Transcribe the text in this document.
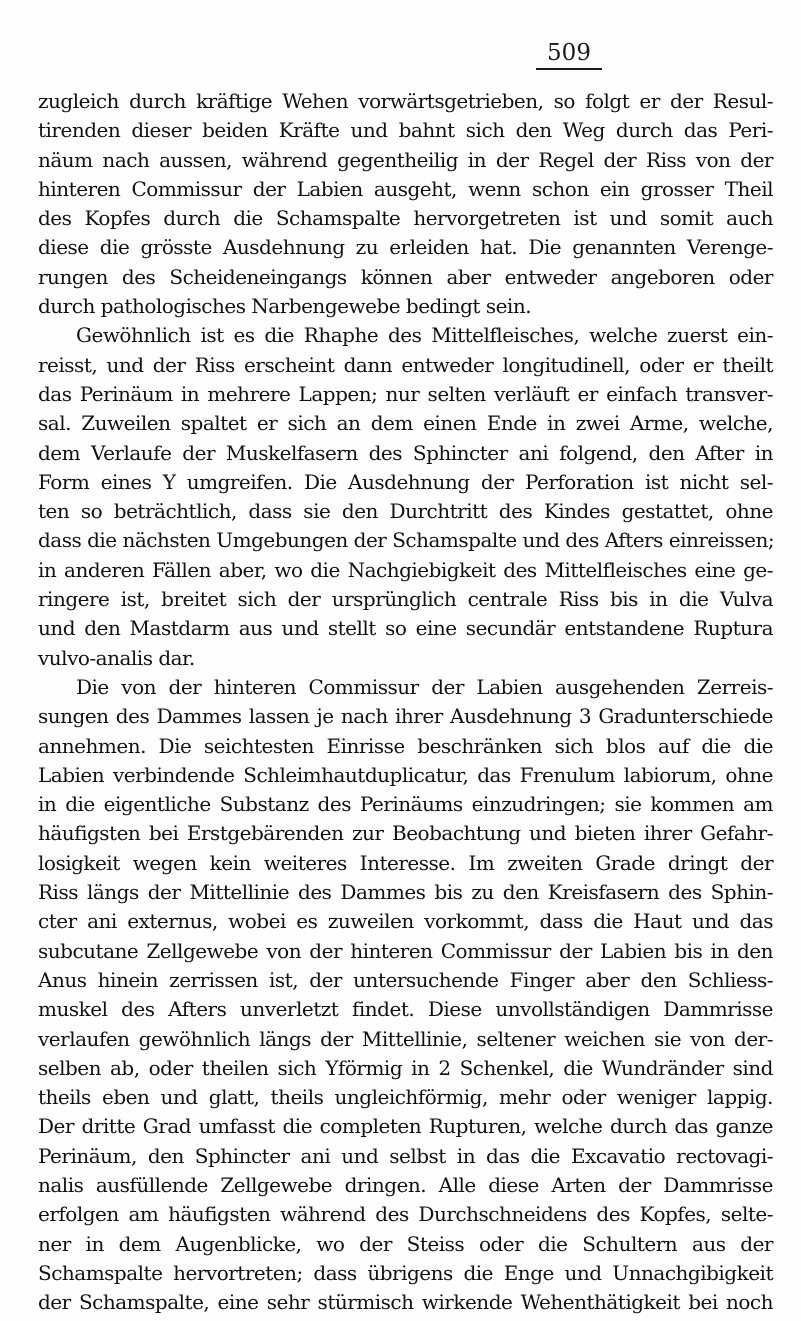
509
zugleich durch kräftige Wehen vorwärtsgetrieben, so folgt er der Resul-
tirenden dieser beiden Kräfte und bahnt sich den Weg durch das Peri-
näum nach aussen, während gegentheilig in der Regel der Riss von der
hinteren Commissur der Labien ausgeht, wenn schon ein grosser Theil
des Kopfes durch die Schamspalte hervorgetreten ist und somit auch
diese die grösste Ausdehnung zu erleiden hat. Die genannten Verenge-
rungen des Scheideneingangs können aber entweder angeboren oder
durch pathologisches Narbengewebe bedingt sein.
Gewöhnlich ist es die Rhaphe des Mittelfleisches, welche zuerst ein-
reisst, und der Riss erscheint dann entweder longitudinell, oder er theilt
das Perinäum in mehrere Lappen; nur selten verläuft er einfach transver-
sal. Zuweilen spaltet er sich an dem einen Ende in zwei Arme, welche,
dem Verlaufe der Muskelfasern des Sphincter ani folgend, den After in
Form eines Y umgreifen. Die Ausdehnung der Perforation ist nicht sel-
ten so beträchtlich, dass sie den Durchtritt des Kindes gestattet, ohne
dass die nächsten Umgebungen der Schamspalte und des Afters einreissen;
in anderen Fällen aber, wo die Nachgiebigkeit des Mittelfleisches eine ge-
ringere ist, breitet sich der ursprünglich centrale Riss bis in die Vulva
und den Mastdarm aus und stellt so eine secundär entstandene Ruptura
vulvo-analis dar.
Die von der hinteren Commissur der Labien ausgehenden Zerreis-
sungen des Dammes lassen je nach ihrer Ausdehnung 3 Gradunterschiede
annehmen. Die seichtesten Einrisse beschränken sich blos auf die die
Labien verbindende Schleimhautduplicatur, das Frenulum labiorum, ohne
in die eigentliche Substanz des Perinäums einzudringen; sie kommen am
häufigsten bei Erstgebärenden zur Beobachtung und bieten ihrer Gefahr-
losigkeit wegen kein weiteres Interesse. Im zweiten Grade dringt der
Riss längs der Mittellinie des Dammes bis zu den Kreisfasern des Sphin-
cter ani externus, wobei es zuweilen vorkommt, dass die Haut und das
subcutane Zellgewebe von der hinteren Commissur der Labien bis in den
Anus hinein zerrissen ist, der untersuchende Finger aber den Schliess-
muskel des Afters unverletzt findet. Diese unvollständigen Dammrisse
verlaufen gewöhnlich längs der Mittellinie, seltener weichen sie von der-
selben ab, oder theilen sich Yförmig in 2 Schenkel, die Wundränder sind
theils eben und glatt, theils ungleichförmig, mehr oder weniger lappig.
Der dritte Grad umfasst die completen Rupturen, welche durch das ganze
Perinäum, den Sphincter ani und selbst in das die Excavatio rectovagi-
nalis ausfüllende Zellgewebe dringen. Alle diese Arten der Dammrisse
erfolgen am häufigsten während des Durchschneidens des Kopfes, selte-
ner in dem Augenblicke, wo der Steiss oder die Schultern aus der
Schamspalte hervortreten; dass übrigens die Enge und Unnachgibigkeit
der Schamspalte, eine sehr stürmisch wirkende Wehenthätigkeit bei noch
